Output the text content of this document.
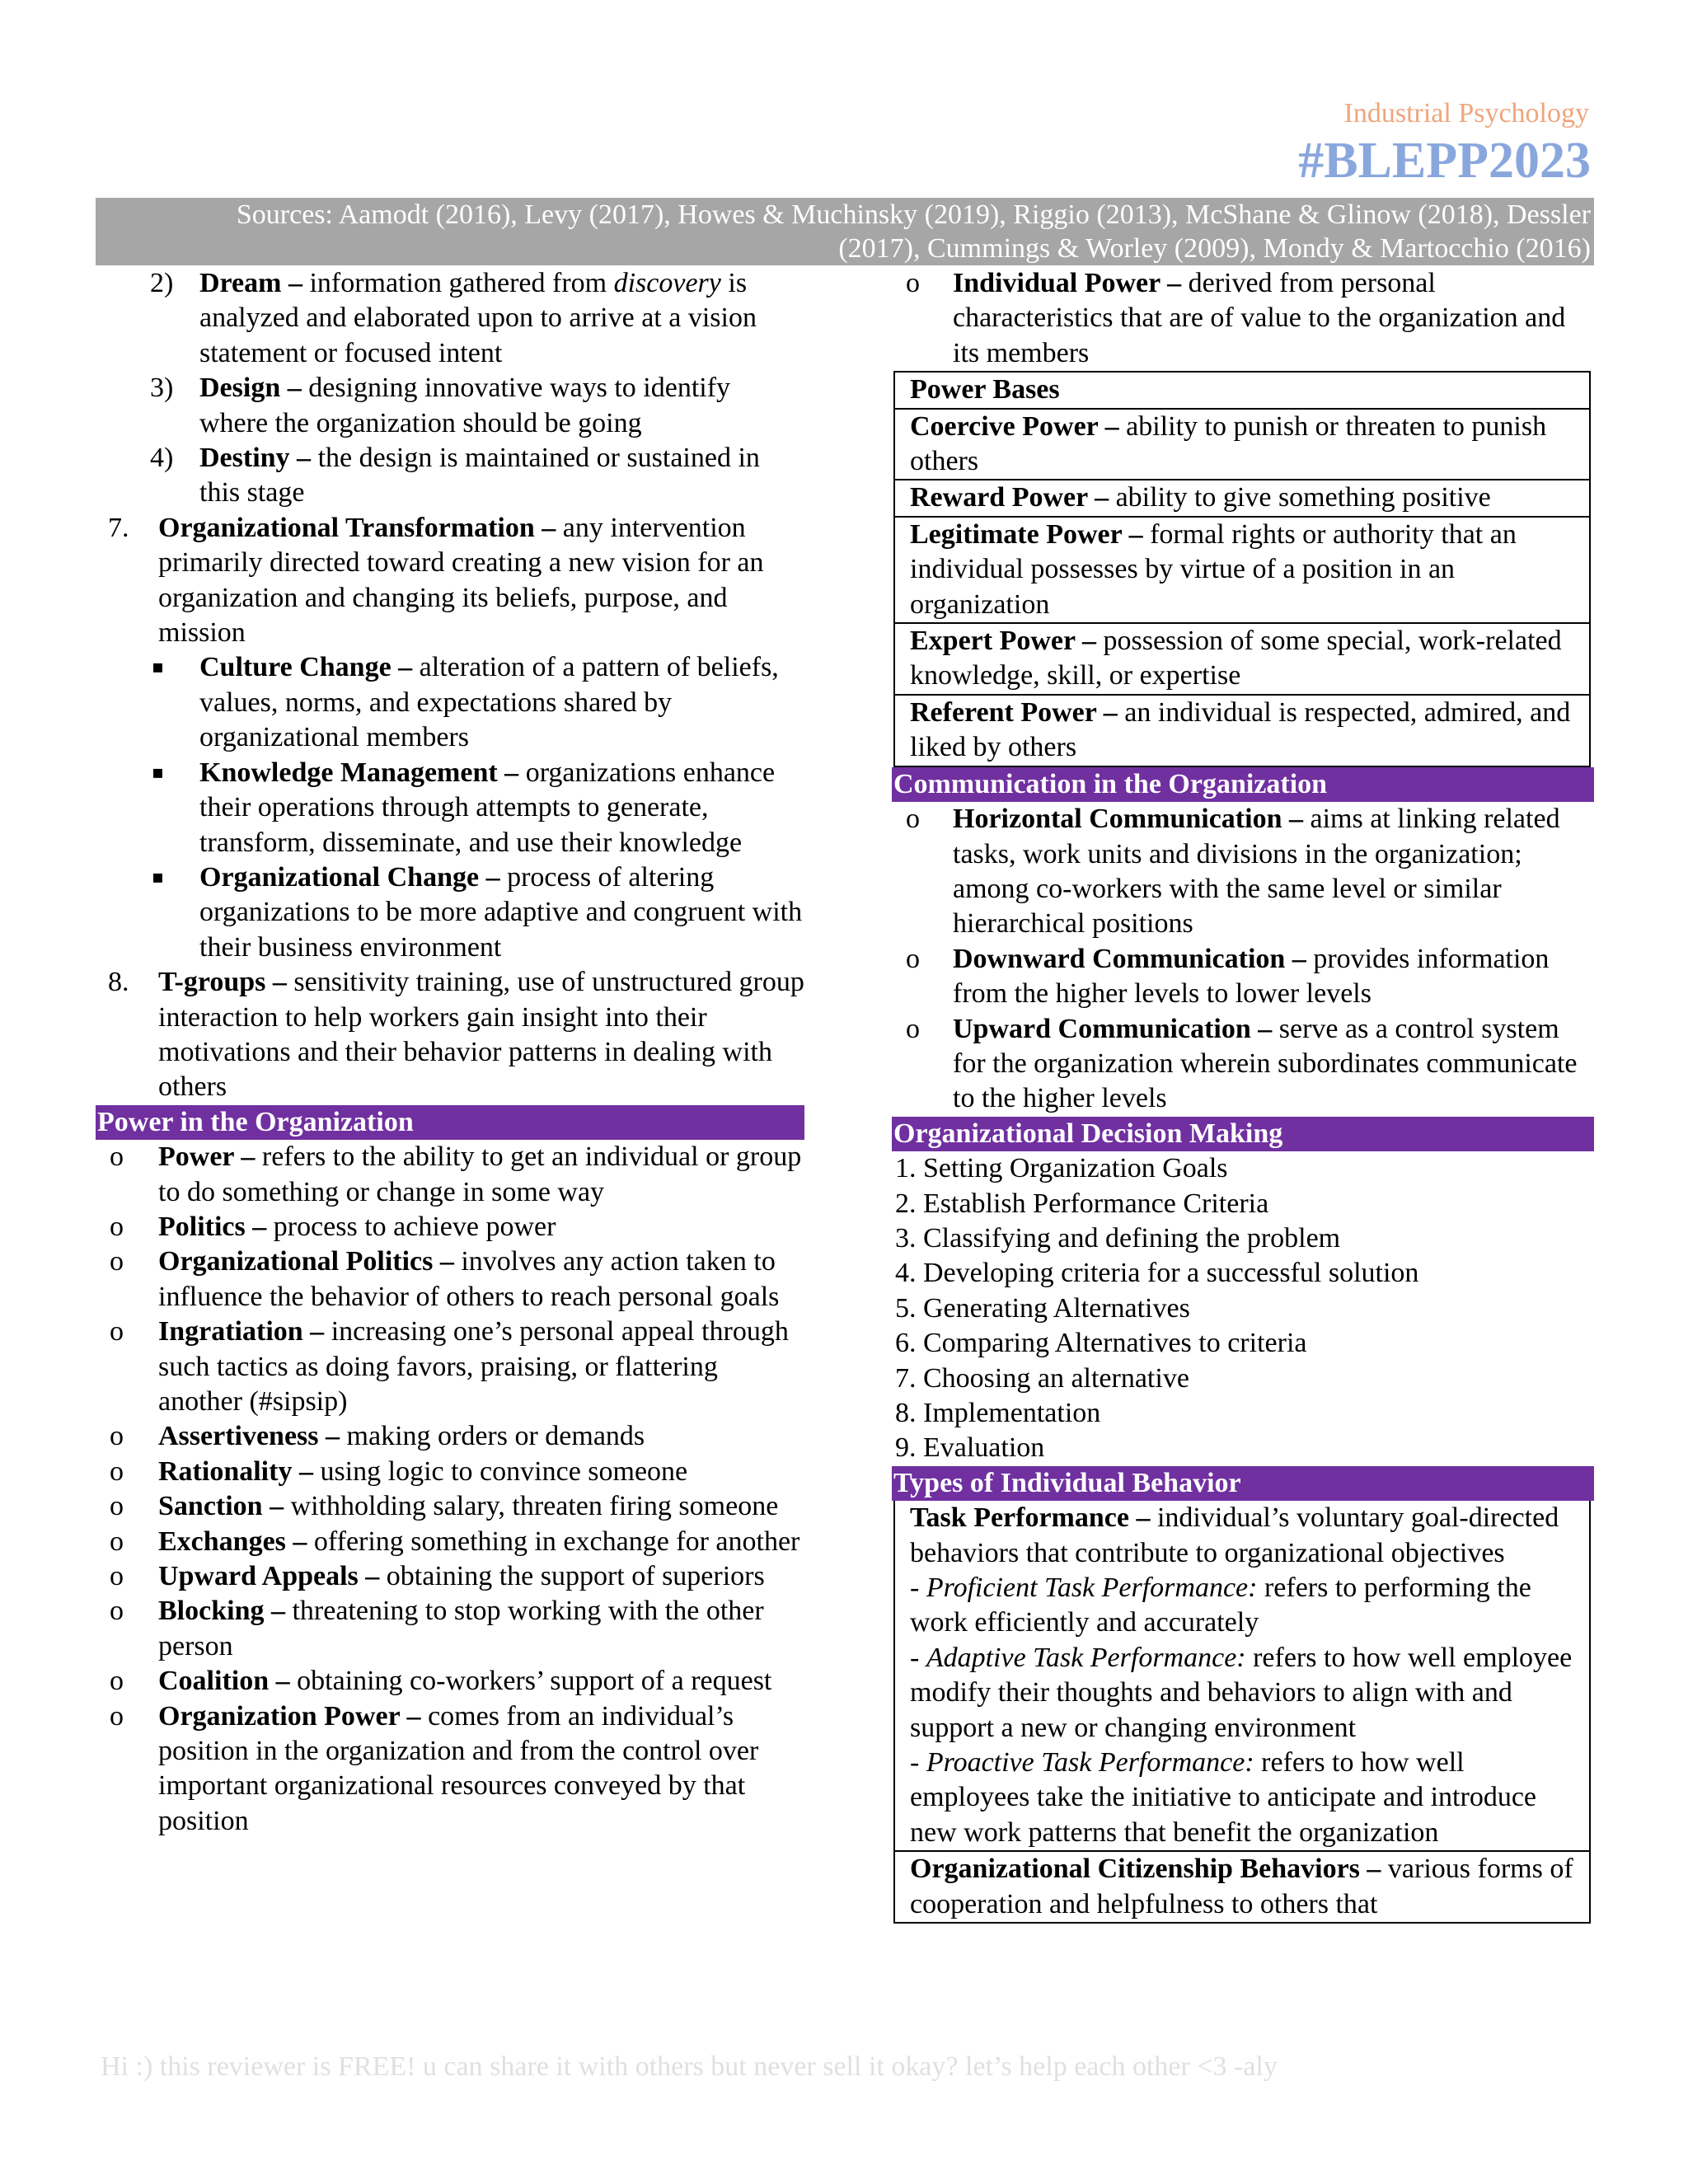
Industrial Psychology
#BLEPP2023
Sources: Aamodt (2016), Levy (2017), Howes & Muchinsky (2019), Riggio (2013), McShane & Glinow (2018), Dessler
(2017), Cummings & Worley (2009), Mondy & Martocchio (2016)
2) Dream – information gathered from discovery is analyzed and elaborated upon to arrive at a vision statement or focused intent
3) Design – designing innovative ways to identify where the organization should be going
4) Destiny – the design is maintained or sustained in this stage
7. Organizational Transformation – any intervention primarily directed toward creating a new vision for an organization and changing its beliefs, purpose, and mission
▪ Culture Change – alteration of a pattern of beliefs, values, norms, and expectations shared by organizational members
▪ Knowledge Management – organizations enhance their operations through attempts to generate, transform, disseminate, and use their knowledge
▪ Organizational Change – process of altering organizations to be more adaptive and congruent with their business environment
8. T-groups – sensitivity training, use of unstructured group interaction to help workers gain insight into their motivations and their behavior patterns in dealing with others
Power in the Organization
o Power – refers to the ability to get an individual or group to do something or change in some way
o Politics – process to achieve power
o Organizational Politics – involves any action taken to influence the behavior of others to reach personal goals
o Ingratiation – increasing one’s personal appeal through such tactics as doing favors, praising, or flattering another (#sipsip)
o Assertiveness – making orders or demands
o Rationality – using logic to convince someone
o Sanction – withholding salary, threaten firing someone
o Exchanges – offering something in exchange for another
o Upward Appeals – obtaining the support of superiors
o Blocking – threatening to stop working with the other person
o Coalition – obtaining co-workers’ support of a request
o Organization Power – comes from an individual’s position in the organization and from the control over important organizational resources conveyed by that position
o Individual Power – derived from personal characteristics that are of value to the organization and its members
Power Bases
Coercive Power – ability to punish or threaten to punish others
Reward Power – ability to give something positive
Legitimate Power – formal rights or authority that an individual possesses by virtue of a position in an organization
Expert Power – possession of some special, work-related knowledge, skill, or expertise
Referent Power – an individual is respected, admired, and liked by others
Communication in the Organization
o Horizontal Communication – aims at linking related tasks, work units and divisions in the organization; among co-workers with the same level or similar hierarchical positions
o Downward Communication – provides information from the higher levels to lower levels
o Upward Communication – serve as a control system for the organization wherein subordinates communicate to the higher levels
Organizational Decision Making
1. Setting Organization Goals
2. Establish Performance Criteria
3. Classifying and defining the problem
4. Developing criteria for a successful solution
5. Generating Alternatives
6. Comparing Alternatives to criteria
7. Choosing an alternative
8. Implementation
9. Evaluation
Types of Individual Behavior
Task Performance – individual’s voluntary goal-directed behaviors that contribute to organizational objectives
- Proficient Task Performance: refers to performing the work efficiently and accurately
- Adaptive Task Performance: refers to how well employee modify their thoughts and behaviors to align with and support a new or changing environment
- Proactive Task Performance: refers to how well employees take the initiative to anticipate and introduce new work patterns that benefit the organization
Organizational Citizenship Behaviors – various forms of cooperation and helpfulness to others that
Hi :) this reviewer is FREE! u can share it with others but never sell it okay? let’s help each other <3 -aly
